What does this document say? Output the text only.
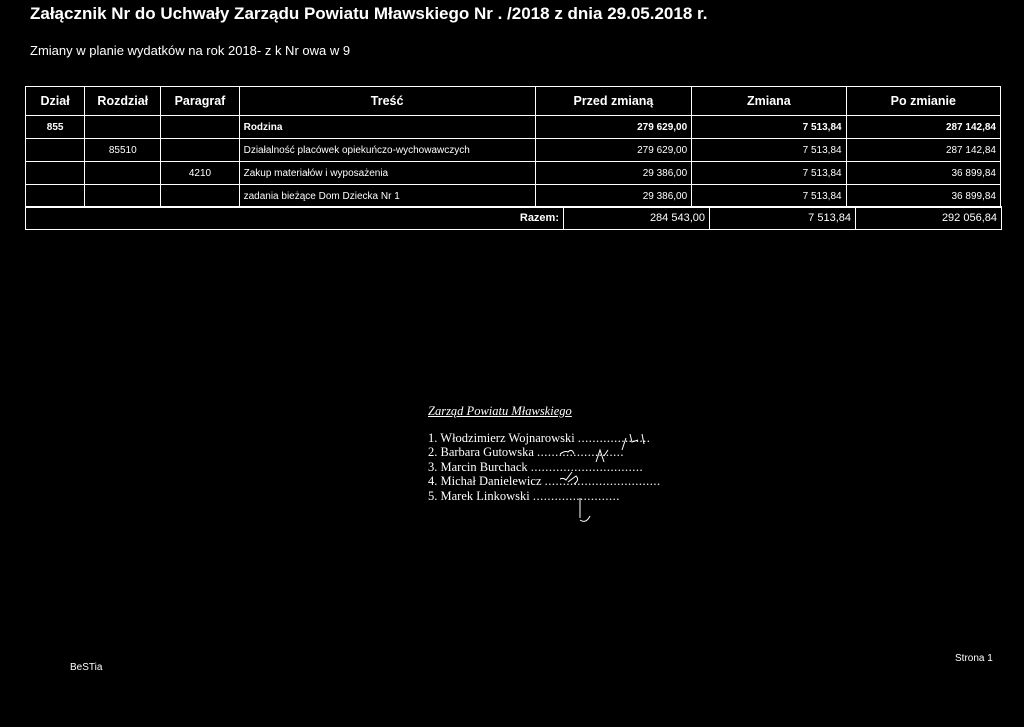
Załącznik Nr do Uchwały Zarządu Powiatu Mławskiego Nr . /2018 z dnia 29.05.2018 r.
Zmiany w planie wydatków na rok 2018- z k Nr owa w 9
Dział	Rozdział	Paragraf	Treść	Przed zmianą	Zmiana	Po zmianie
855			Rodzina	279 629,00	7 513,84	287 142,84
	85510		Działalność placówek opiekuńczo-wychowawczych	279 629,00	7 513,84	287 142,84
		4210	Zakup materiałów i wyposażenia	29 386,00	7 513,84	36 899,84
			zadania bieżące Dom Dziecka Nr 1	29 386,00	7 513,84	36 899,84
Razem:	284 543,00	7 513,84	292 056,84
Zarząd Powiatu Mławskiego
1. Włodzimierz Wojnarowski ....................
2. Barbara Gutowska ........................
3. Marcin Burchack ...............................
4. Michał Danielewicz ................................
5. Marek Linkowski ........................
BeSTia
Strona 1
